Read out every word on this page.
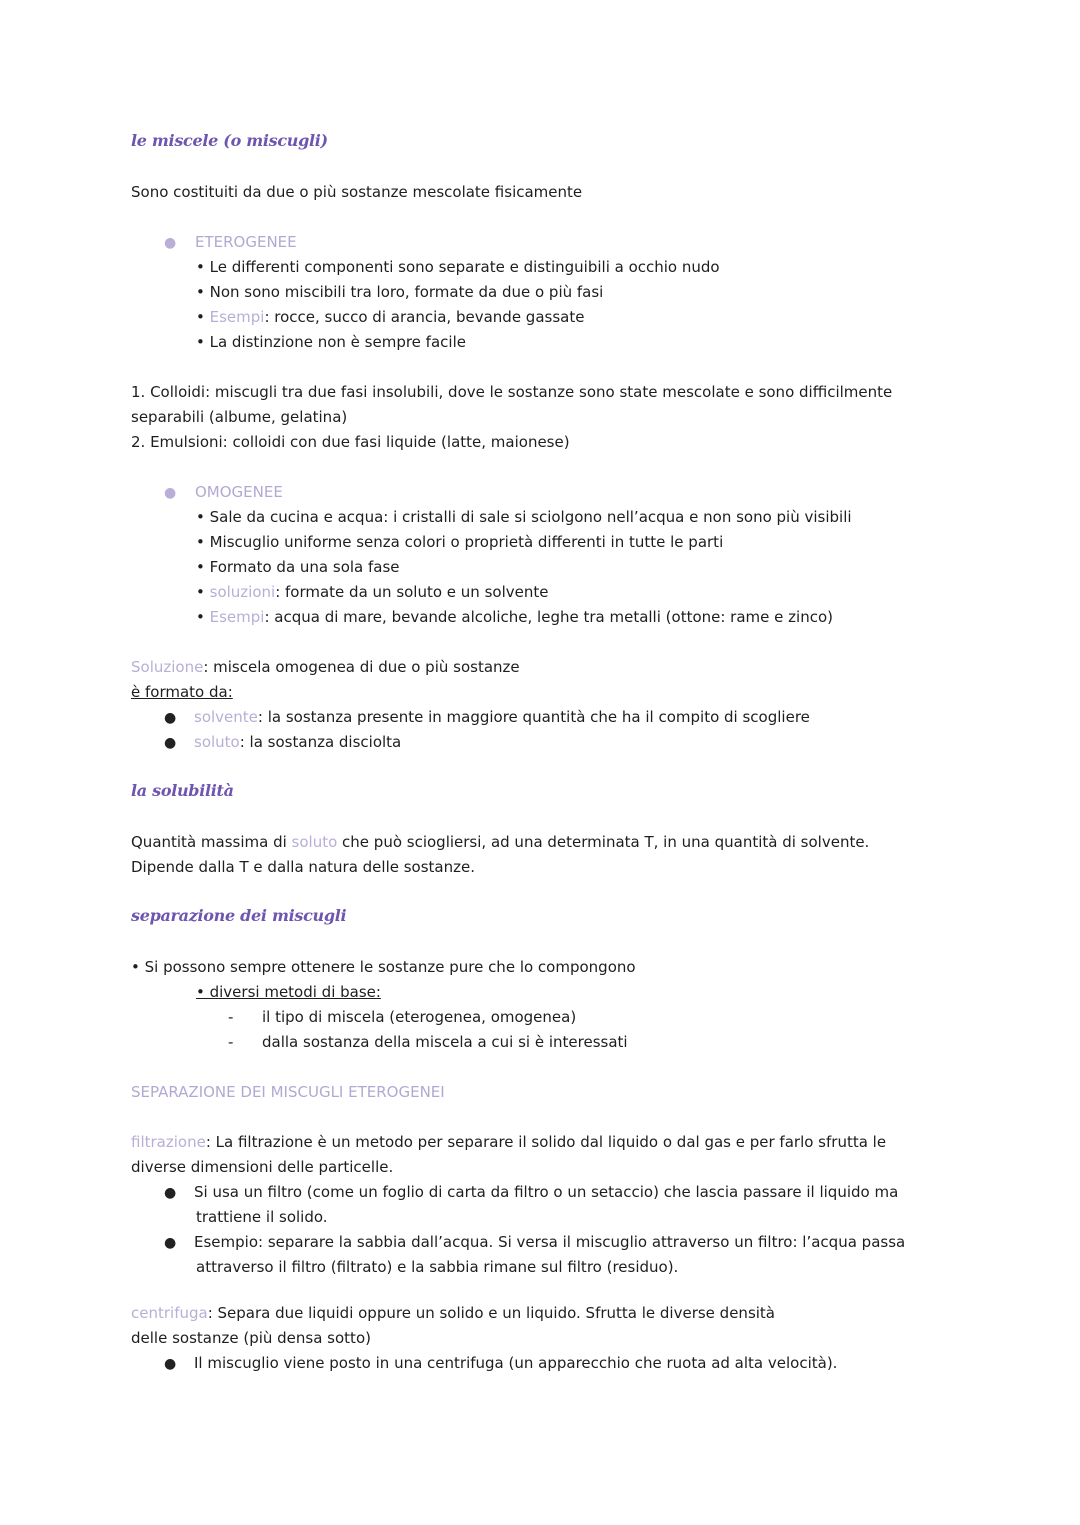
le miscele (o miscugli)
Sono costituiti da due o più sostanze mescolate fisicamente
● ETEROGENEE
• Le differenti componenti sono separate e distinguibili a occhio nudo
• Non sono miscibili tra loro, formate da due o più fasi
• Esempi: rocce, succo di arancia, bevande gassate
• La distinzione non è sempre facile
1. Colloidi: miscugli tra due fasi insolubili, dove le sostanze sono state mescolate e sono difficilmente
separabili (albume, gelatina)
2. Emulsioni: colloidi con due fasi liquide (latte, maionese)
● OMOGENEE
• Sale da cucina e acqua: i cristalli di sale si sciolgono nell’acqua e non sono più visibili
• Miscuglio uniforme senza colori o proprietà differenti in tutte le parti
• Formato da una sola fase
• soluzioni: formate da un soluto e un solvente
• Esempi: acqua di mare, bevande alcoliche, leghe tra metalli (ottone: rame e zinco)
Soluzione: miscela omogenea di due o più sostanze
è formato da:
● solvente: la sostanza presente in maggiore quantità che ha il compito di scogliere
● soluto: la sostanza disciolta
la solubilità
Quantità massima di soluto che può sciogliersi, ad una determinata T, in una quantità di solvente.
Dipende dalla T e dalla natura delle sostanze.
separazione dei miscugli
• Si possono sempre ottenere le sostanze pure che lo compongono
• diversi metodi di base:
- il tipo di miscela (eterogenea, omogenea)
- dalla sostanza della miscela a cui si è interessati
SEPARAZIONE DEI MISCUGLI ETEROGENEI
filtrazione: La filtrazione è un metodo per separare il solido dal liquido o dal gas e per farlo sfrutta le
diverse dimensioni delle particelle.
● Si usa un filtro (come un foglio di carta da filtro o un setaccio) che lascia passare il liquido ma
trattiene il solido.
● Esempio: separare la sabbia dall’acqua. Si versa il miscuglio attraverso un filtro: l’acqua passa
attraverso il filtro (filtrato) e la sabbia rimane sul filtro (residuo).
centrifuga: Separa due liquidi oppure un solido e un liquido. Sfrutta le diverse densità
delle sostanze (più densa sotto)
● Il miscuglio viene posto in una centrifuga (un apparecchio che ruota ad alta velocità).
